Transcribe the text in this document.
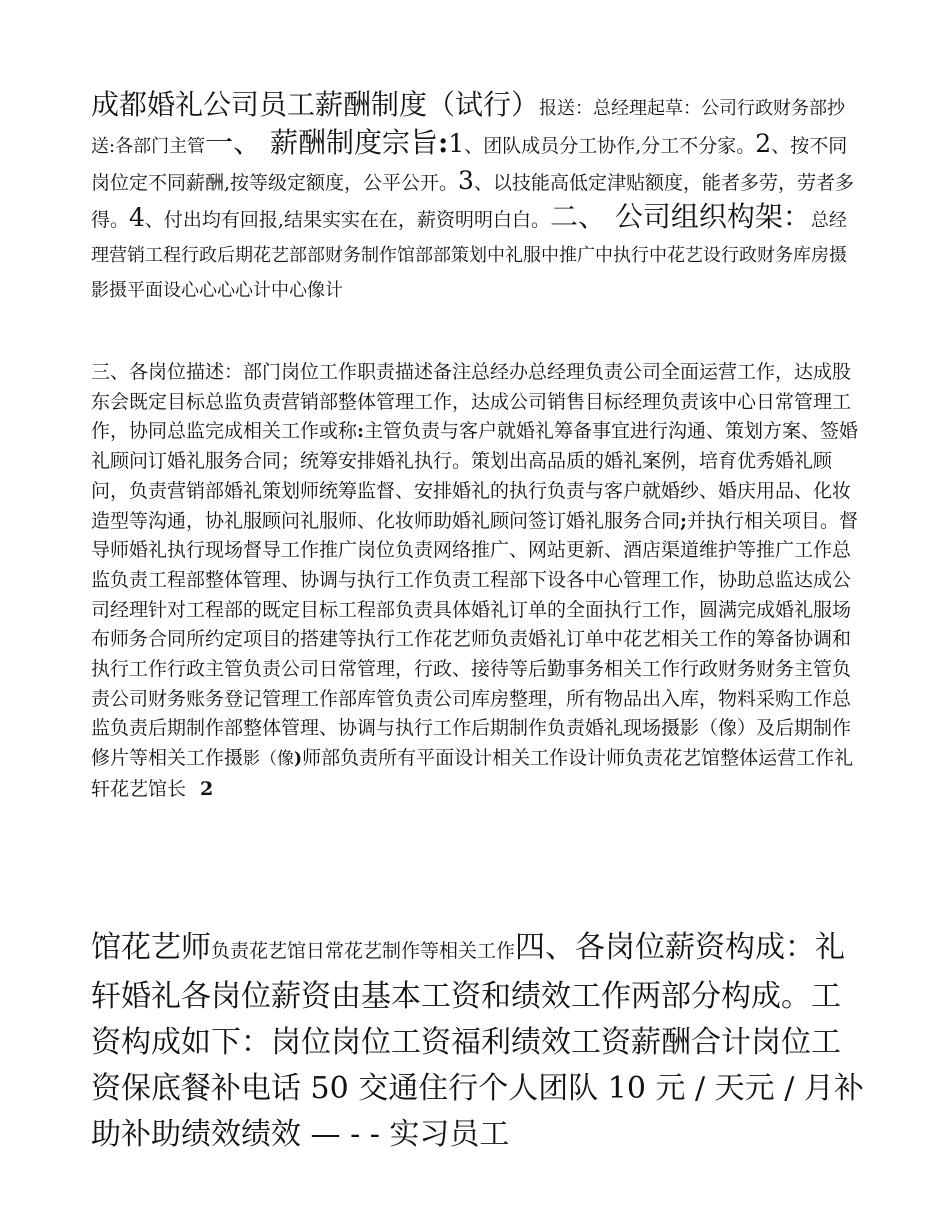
成都婚礼公司员工薪酬制度（试行）报送：总经理起草：公司行政财务部抄送:各部门主管一、 薪酬制度宗旨:1、团队成员分工协作,分工不分家。2、按不同岗位定不同薪酬,按等级定额度，公平公开。3、以技能高低定津贴额度，能者多劳，劳者多得。4、付出均有回报,结果实实在在，薪资明明白白。二、 公司组织构架：总经理营销工程行政后期花艺部部财务制作馆部部策划中礼服中推广中执行中花艺设行政财务库房摄影摄平面设心心心心计中心像计

三、各岗位描述：部门岗位工作职责描述备注总经办总经理负责公司全面运营工作，达成股东会既定目标总监负责营销部整体管理工作，达成公司销售目标经理负责该中心日常管理工作，协同总监完成相关工作或称:主管负责与客户就婚礼筹备事宜进行沟通、策划方案、签婚礼顾问订婚礼服务合同；统筹安排婚礼执行。策划出高品质的婚礼案例，培育优秀婚礼顾问，负责营销部婚礼策划师统筹监督、安排婚礼的执行负责与客户就婚纱、婚庆用品、化妆造型等沟通，协礼服顾问礼服师、化妆师助婚礼顾问签订婚礼服务合同;并执行相关项目。督导师婚礼执行现场督导工作推广岗位负责网络推广、网站更新、酒店渠道维护等推广工作总监负责工程部整体管理、协调与执行工作负责工程部下设各中心管理工作，协助总监达成公司经理针对工程部的既定目标工程部负责具体婚礼订单的全面执行工作，圆满完成婚礼服场布师务合同所约定项目的搭建等执行工作花艺师负责婚礼订单中花艺相关工作的筹备协调和执行工作行政主管负责公司日常管理，行政、接待等后勤事务相关工作行政财务财务主管负责公司财务账务登记管理工作部库管负责公司库房整理，所有物品出入库，物料采购工作总监负责后期制作部整体管理、协调与执行工作后期制作负责婚礼现场摄影（像）及后期制作修片等相关工作摄影（像)师部负责所有平面设计相关工作设计师负责花艺馆整体运营工作礼轩花艺馆长 2

馆花艺师负责花艺馆日常花艺制作等相关工作四、各岗位薪资构成：礼轩婚礼各岗位薪资由基本工资和绩效工作两部分构成。工资构成如下：岗位岗位工资福利绩效工资薪酬合计岗位工资保底餐补电话 50 交通住行个人团队 10 元 / 天元 / 月补助补助绩效绩效 — - - 实习员工
